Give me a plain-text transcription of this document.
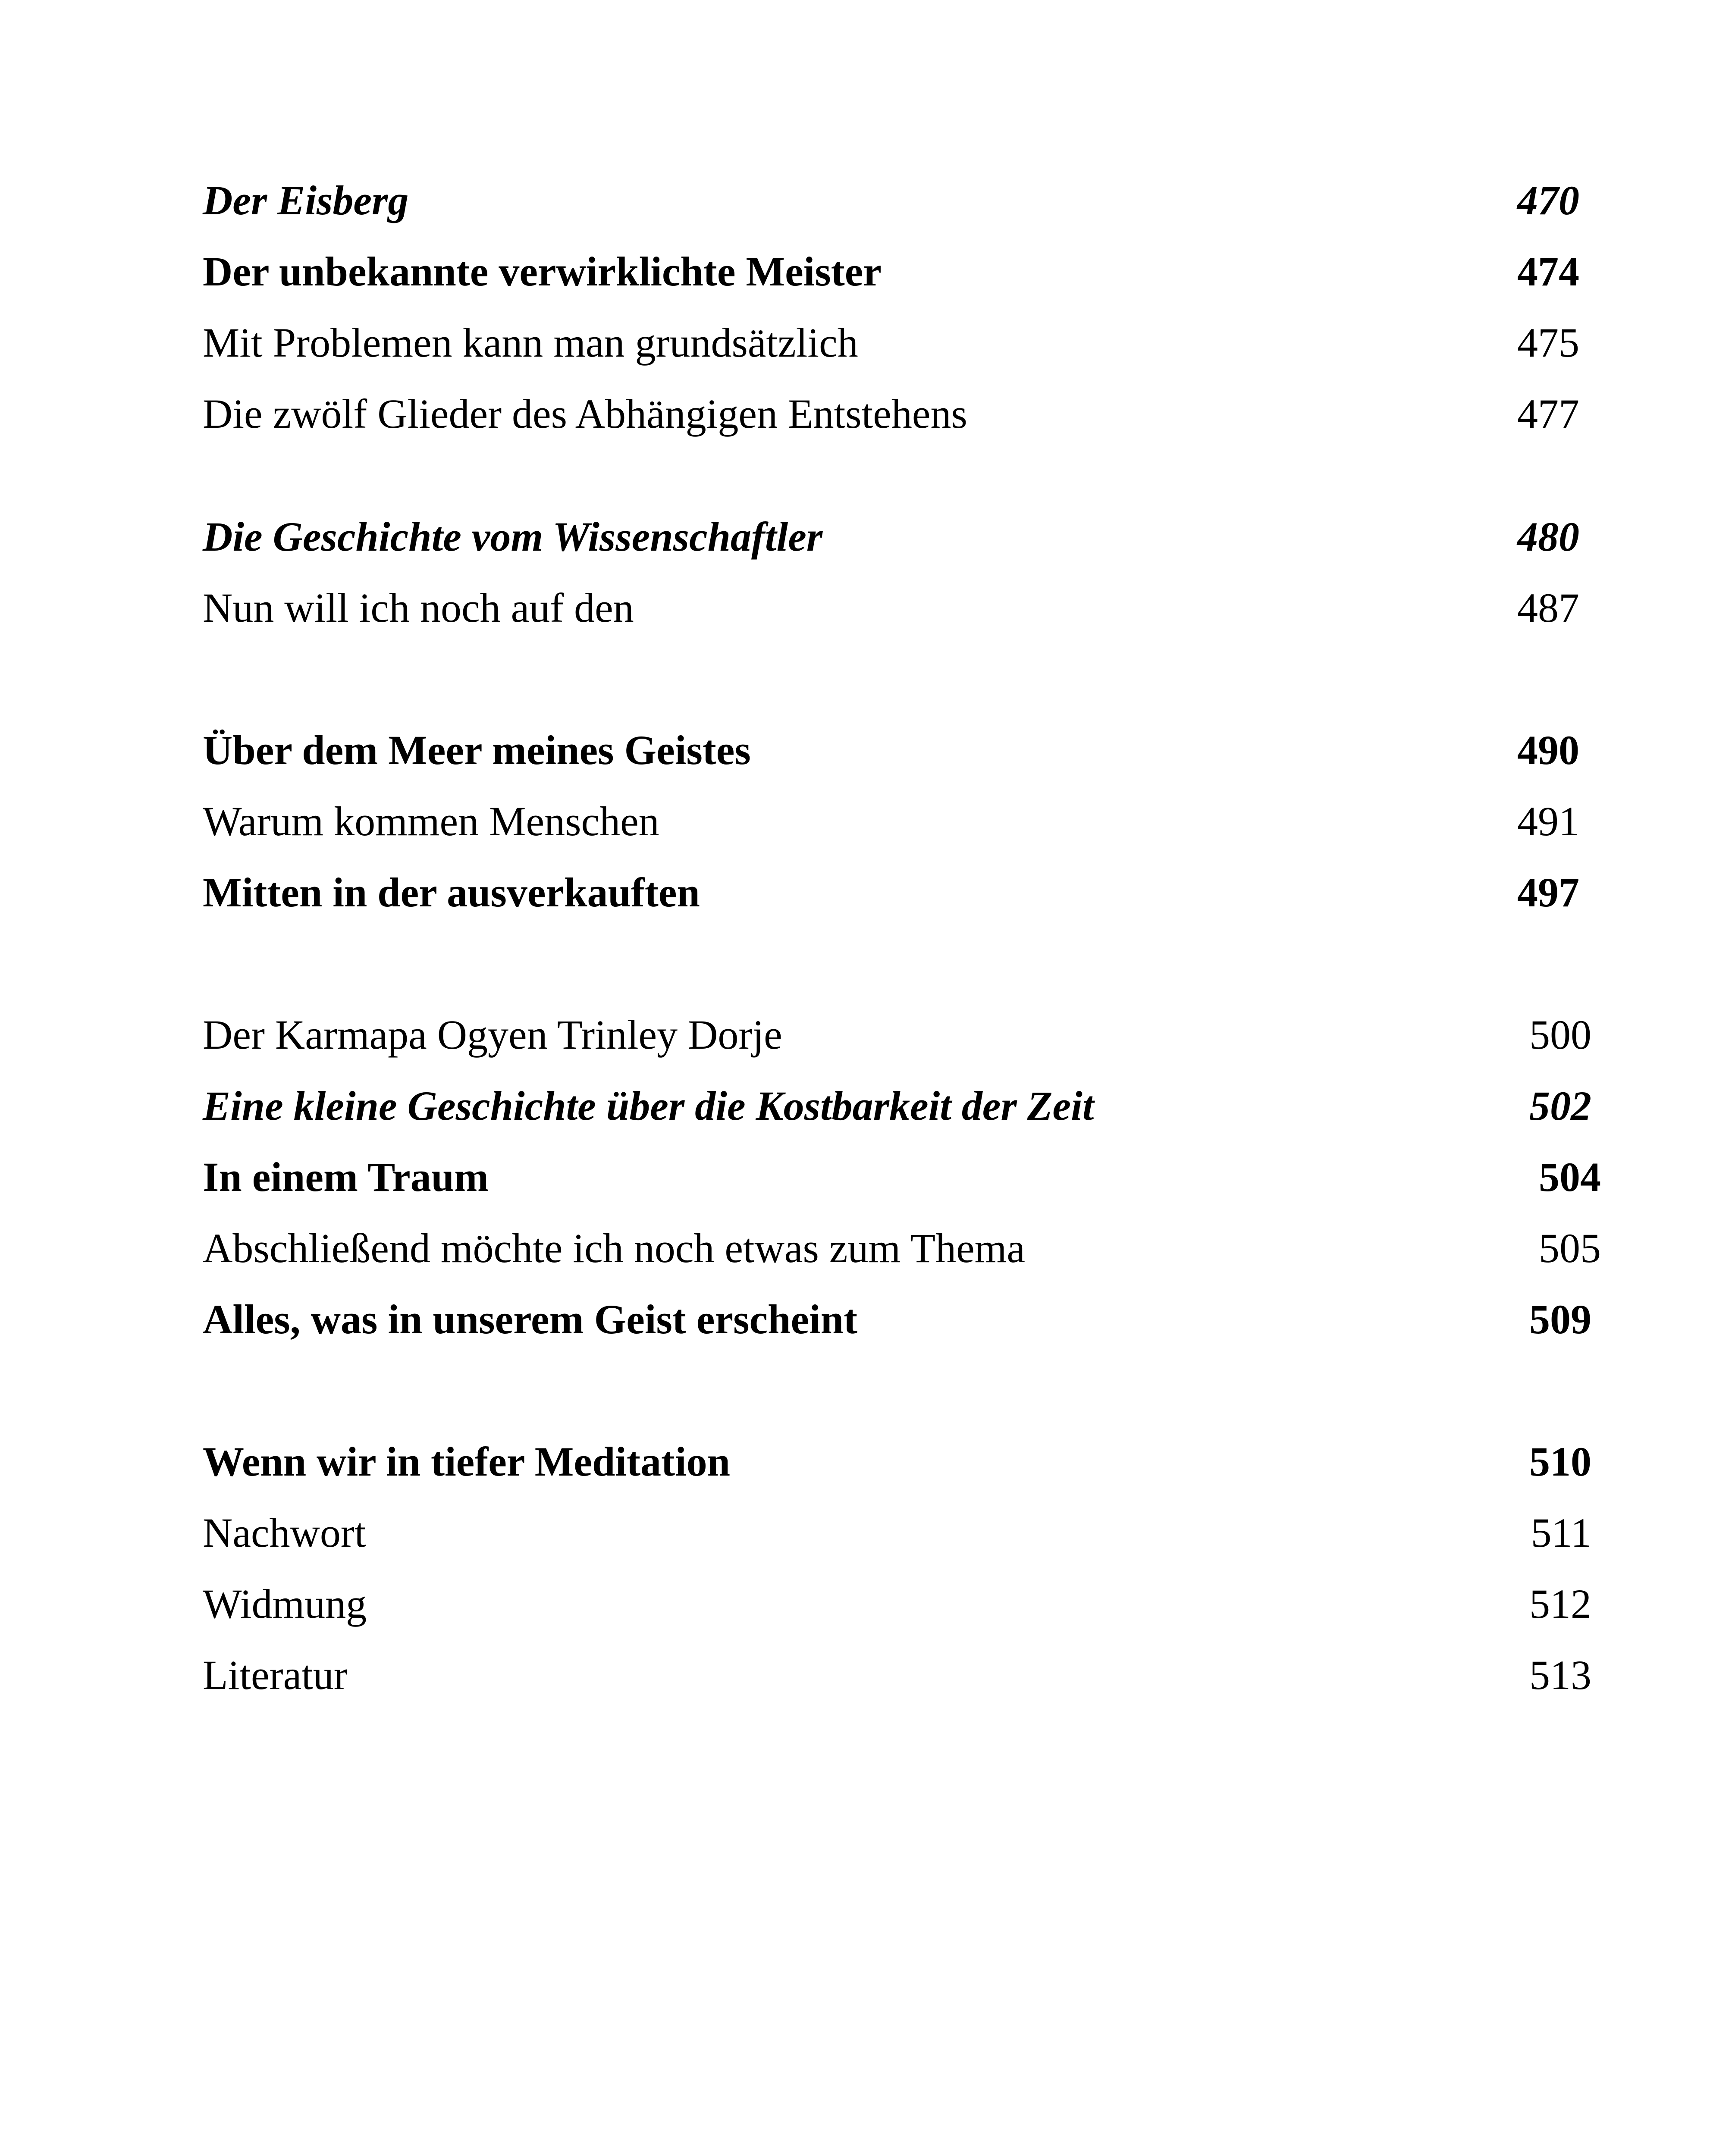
Der Eisberg	470
Der unbekannte verwirklichte Meister	474
Mit Problemen kann man grundsätzlich	475
Die zwölf Glieder des Abhängigen Entstehens	477
Die Geschichte vom Wissenschaftler	480
Nun will ich noch auf den	487
Über dem Meer meines Geistes	490
Warum kommen Menschen	491
Mitten in der ausverkauften	497
Der Karmapa Ogyen Trinley Dorje	500
Eine kleine Geschichte über die Kostbarkeit der Zeit	502
In einem Traum	504
Abschließend möchte ich noch etwas zum Thema	505
Alles, was in unserem Geist erscheint	509
Wenn wir in tiefer Meditation	510
Nachwort	511
Widmung	512
Literatur	513
